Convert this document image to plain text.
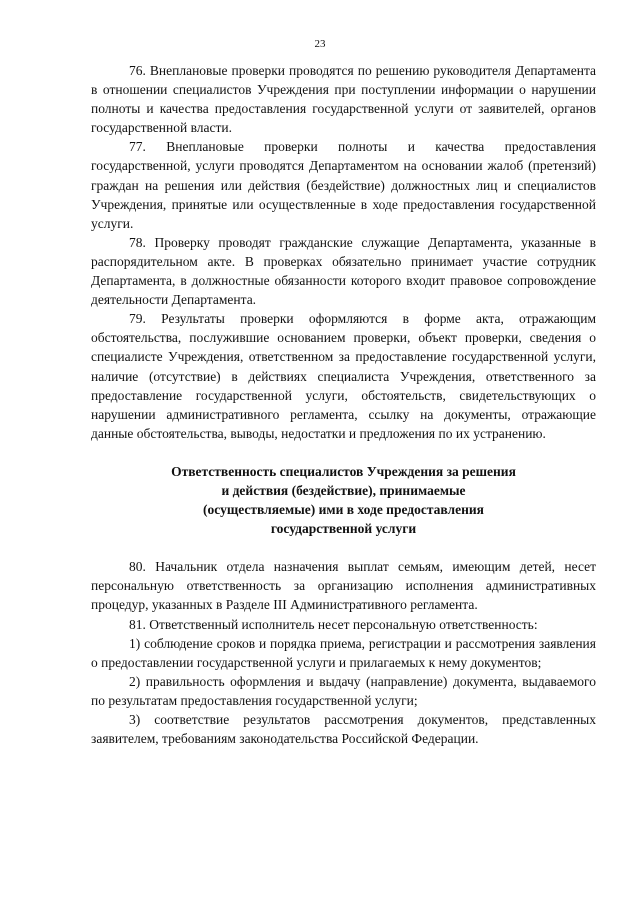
23

76. Внеплановые проверки проводятся по решению руководителя Департамента в отношении специалистов Учреждения при поступлении информации о нарушении полноты и качества предоставления государственной услуги от заявителей, органов государственной власти.

77. Внеплановые проверки полноты и качества предоставления государственной, услуги проводятся Департаментом на основании жалоб (претензий) граждан на решения или действия (бездействие) должностных лиц и специалистов Учреждения, принятые или осуществленные в ходе предоставления государственной услуги.

78. Проверку проводят гражданские служащие Департамента, указанные в распорядительном акте. В проверках обязательно принимает участие сотрудник Департамента, в должностные обязанности которого входит правовое сопровождение деятельности Департамента.

79. Результаты проверки оформляются в форме акта, отражающим обстоятельства, послужившие основанием проверки, объект проверки, сведения о специалисте Учреждения, ответственном за предоставление государственной услуги, наличие (отсутствие) в действиях специалиста Учреждения, ответственного за предоставление государственной услуги, обстоятельств, свидетельствующих о нарушении административного регламента, ссылку на документы, отражающие данные обстоятельства, выводы, недостатки и предложения по их устранению.

Ответственность специалистов Учреждения за решения и действия (бездействие), принимаемые (осуществляемые) ими в ходе предоставления государственной услуги

80. Начальник отдела назначения выплат семьям, имеющим детей, несет персональную ответственность за организацию исполнения административных процедур, указанных в Разделе III Административного регламента.

81. Ответственный исполнитель несет персональную ответственность:

1) соблюдение сроков и порядка приема, регистрации и рассмотрения заявления о предоставлении государственной услуги и прилагаемых к нему документов;

2) правильность оформления и выдачу (направление) документа, выдаваемого по результатам предоставления государственной услуги;

3) соответствие результатов рассмотрения документов, представленных заявителем, требованиям законодательства Российской Федерации.
